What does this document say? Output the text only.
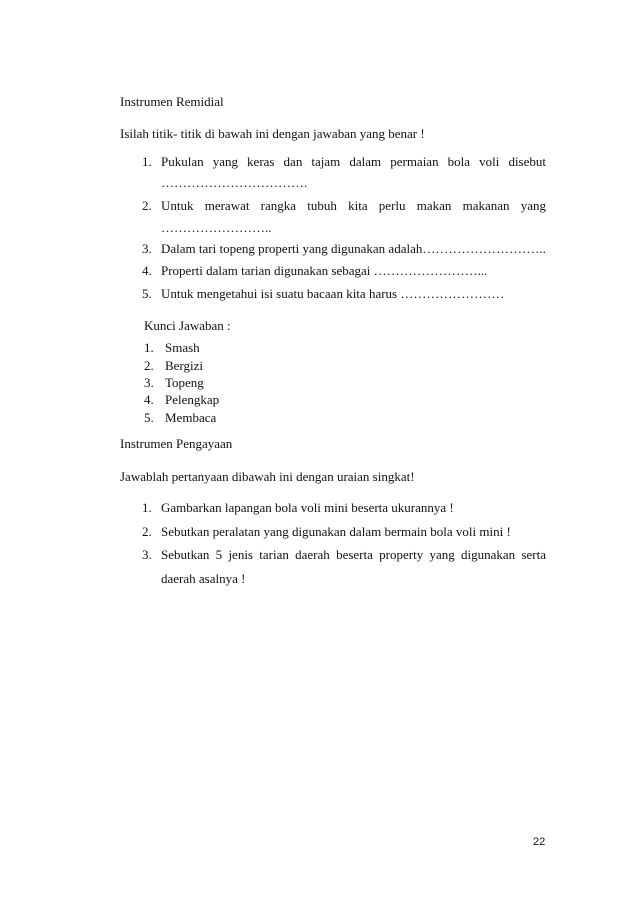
Instrumen Remidial
Isilah titik- titik di bawah ini dengan jawaban yang benar !
1. Pukulan yang keras dan tajam dalam permaian bola voli disebut
…………………………….
2. Untuk merawat rangka tubuh kita perlu makan makanan yang
……………………..
3. Dalam tari topeng properti yang digunakan adalah………………………..
4. Properti dalam tarian digunakan sebagai ……………………...
5. Untuk mengetahui isi suatu bacaan kita harus ……………………
Kunci Jawaban :
1. Smash
2. Bergizi
3. Topeng
4. Pelengkap
5. Membaca
Instrumen Pengayaan
Jawablah pertanyaan dibawah ini dengan uraian singkat!
1. Gambarkan lapangan bola voli mini beserta ukurannya !
2. Sebutkan peralatan yang digunakan dalam bermain bola voli mini !
3. Sebutkan 5 jenis tarian daerah beserta property yang digunakan serta
daerah asalnya !
22
